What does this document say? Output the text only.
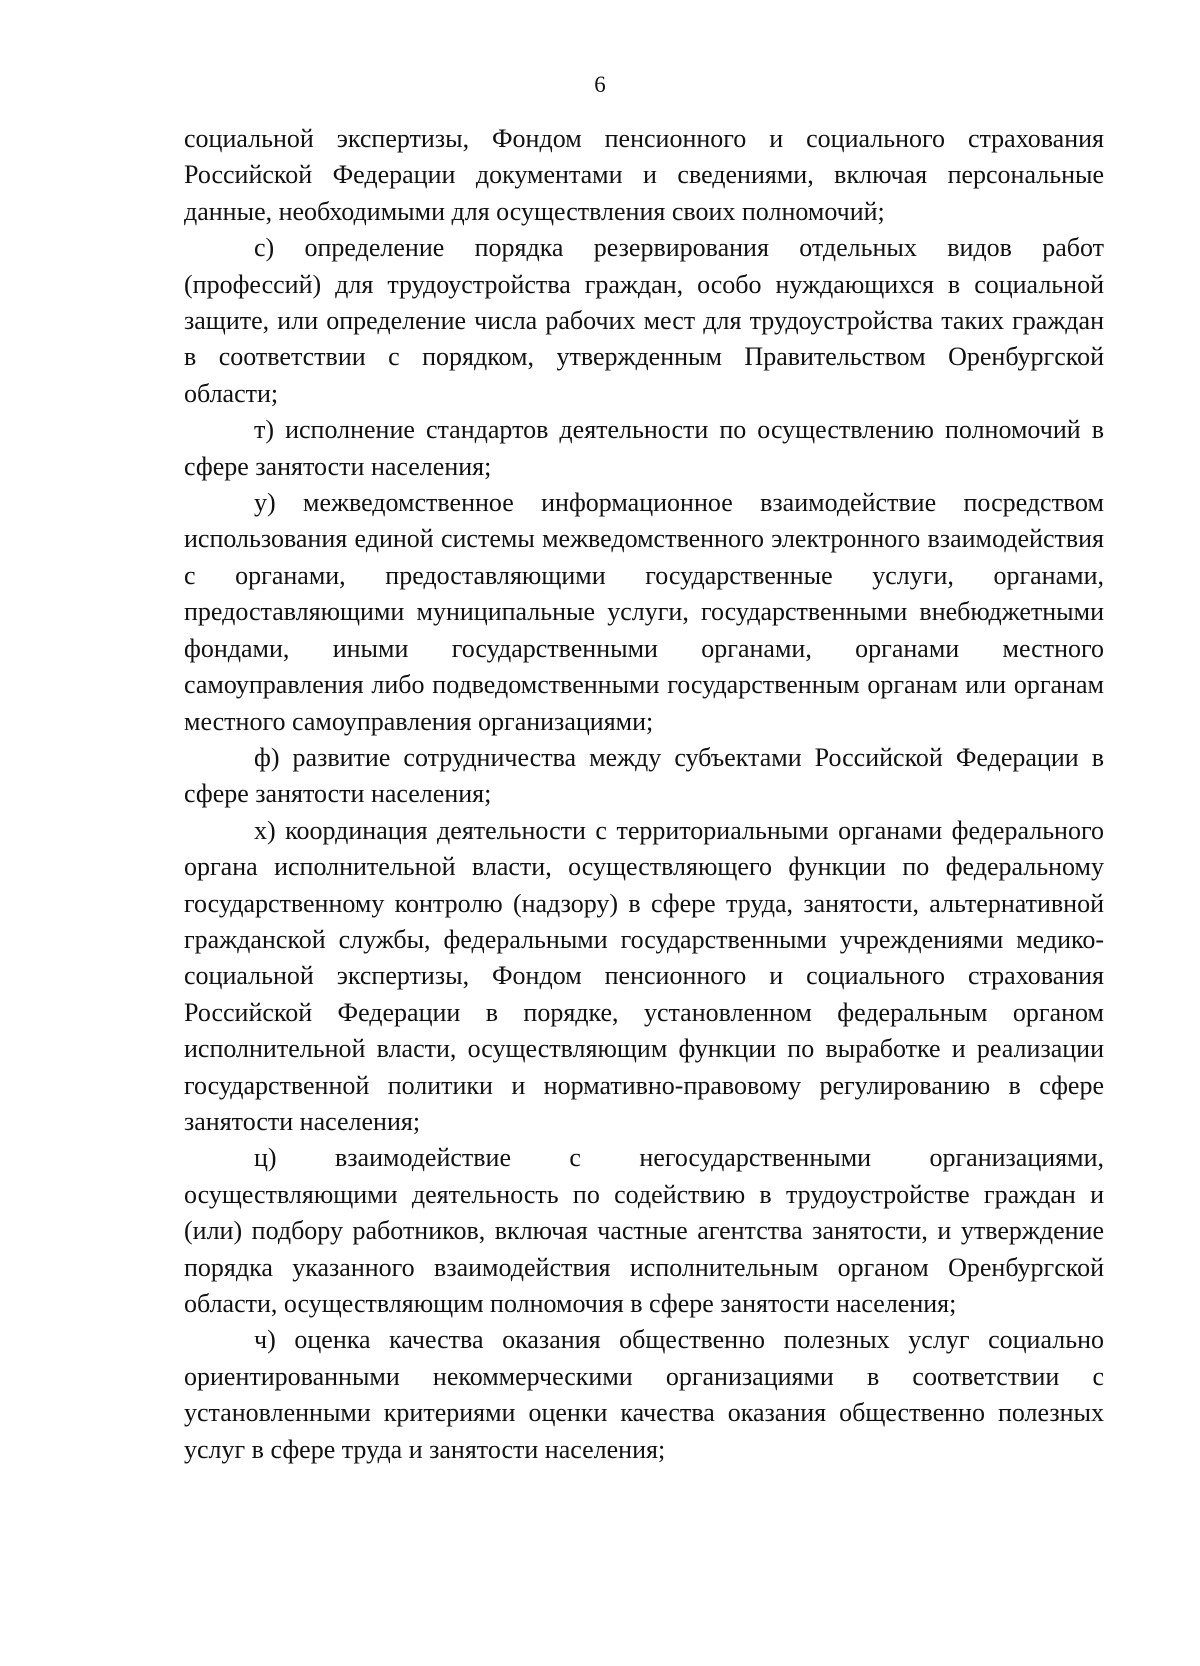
6

социальной экспертизы, Фондом пенсионного и социального страхования Российской Федерации документами и сведениями, включая персональные данные, необходимыми для осуществления своих полномочий;

с) определение порядка резервирования отдельных видов работ (профессий) для трудоустройства граждан, особо нуждающихся в социальной защите, или определение числа рабочих мест для трудоустройства таких граждан в соответствии с порядком, утвержденным Правительством Оренбургской области;

т) исполнение стандартов деятельности по осуществлению полномочий в сфере занятости населения;

у) межведомственное информационное взаимодействие посредством использования единой системы межведомственного электронного взаимодействия с органами, предоставляющими государственные услуги, органами, предоставляющими муниципальные услуги, государственными внебюджетными фондами, иными государственными органами, органами местного самоуправления либо подведомственными государственным органам или органам местного самоуправления организациями;

ф) развитие сотрудничества между субъектами Российской Федерации в сфере занятости населения;

х) координация деятельности с территориальными органами федерального органа исполнительной власти, осуществляющего функции по федеральному государственному контролю (надзору) в сфере труда, занятости, альтернативной гражданской службы, федеральными государственными учреждениями медико-социальной экспертизы, Фондом пенсионного и социального страхования Российской Федерации в порядке, установленном федеральным органом исполнительной власти, осуществляющим функции по выработке и реализации государственной политики и нормативно-правовому регулированию в сфере занятости населения;

ц) взаимодействие с негосударственными организациями, осуществляющими деятельность по содействию в трудоустройстве граждан и (или) подбору работников, включая частные агентства занятости, и утверждение порядка указанного взаимодействия исполнительным органом Оренбургской области, осуществляющим полномочия в сфере занятости населения;

ч) оценка качества оказания общественно полезных услуг социально ориентированными некоммерческими организациями в соответствии с установленными критериями оценки качества оказания общественно полезных услуг в сфере труда и занятости населения;
